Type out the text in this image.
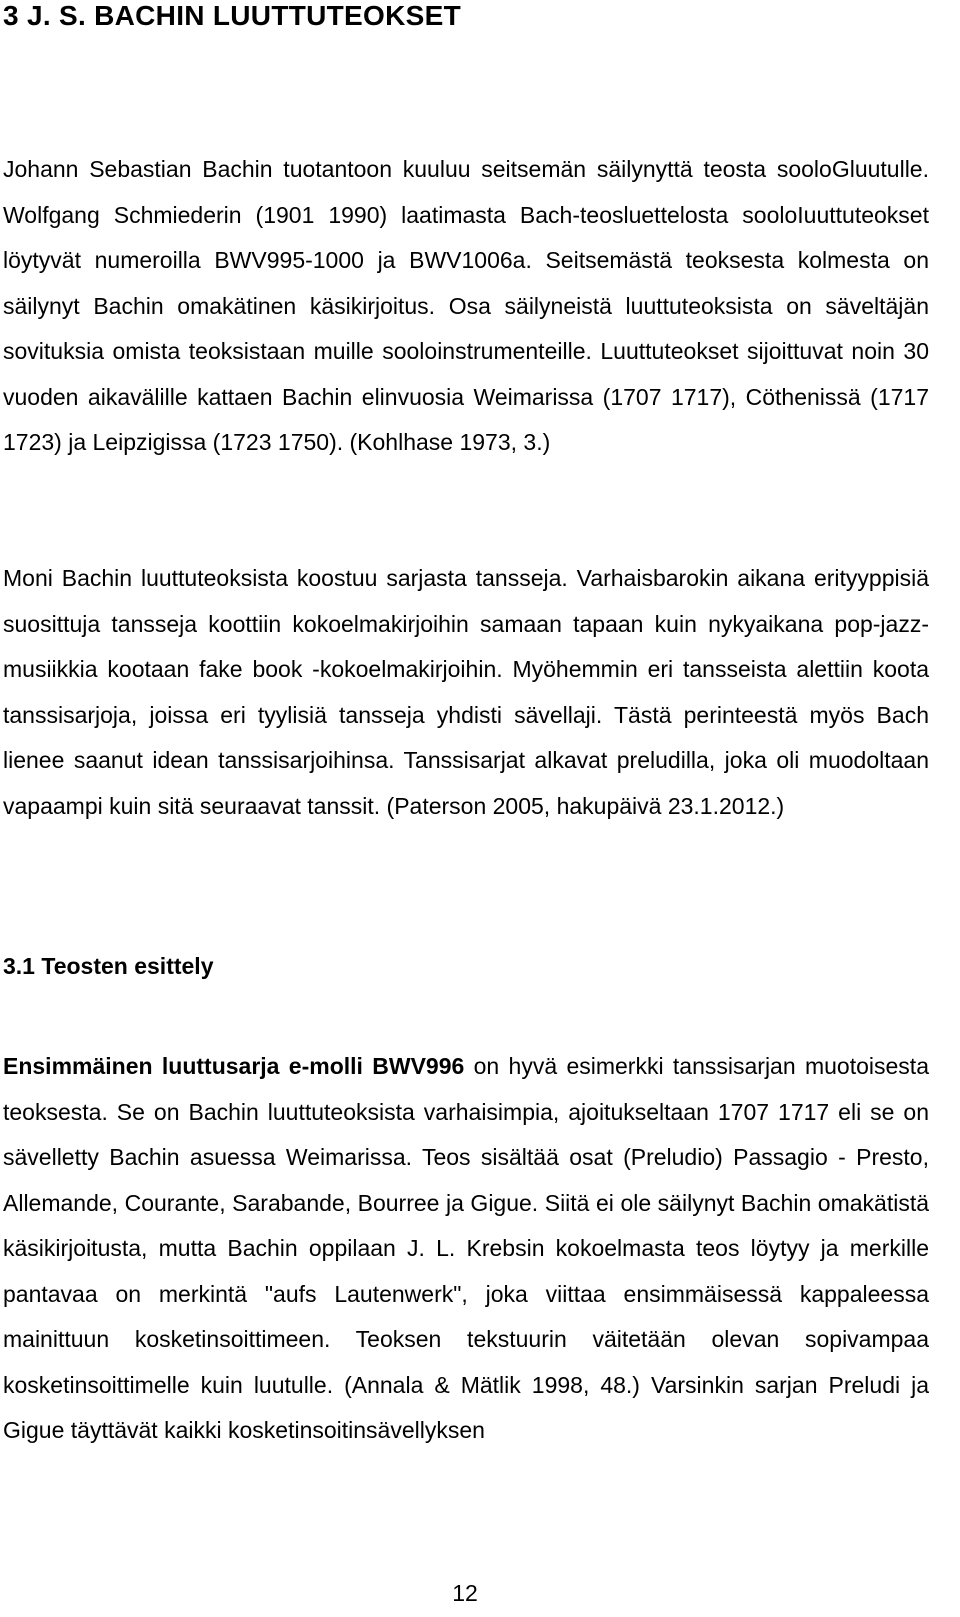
3 J. S. BACHIN LUUTTUTEOKSET

Johann Sebastian Bachin tuotantoon kuuluu seitsemän säilynyttä teosta sooloGluutulle. Wolfgang Schmiederin (1901 1990) laatimasta Bach-teosluettelosta sooloIuuttuteokset löytyvät numeroilla BWV995-1000 ja BWV1006a. Seitsemästä teoksesta kolmesta on säilynyt Bachin omakätinen käsikirjoitus. Osa säilyneistä luuttuteoksista on säveltäjän sovituksia omista teoksistaan muille sooloinstrumenteille. Luuttuteokset sijoittuvat noin 30 vuoden aikavälille kattaen Bachin elinvuosia Weimarissa (1707 1717), Cöthenissä (1717 1723) ja Leipzigissa (1723 1750). (Kohlhase 1973, 3.)

Moni Bachin luuttuteoksista koostuu sarjasta tansseja. Varhaisbarokin aikana erityyppisiä suosittuja tansseja koottiin kokoelmakirjoihin samaan tapaan kuin nykyaikana pop-jazz-musiikkia kootaan fake book -kokoelmakirjoihin. Myöhemmin eri tansseista alettiin koota tanssisarjoja, joissa eri tyylisiä tansseja yhdisti sävellaji. Tästä perinteestä myös Bach lienee saanut idean tanssisarjoihinsa. Tanssisarjat alkavat preludilla, joka oli muodoltaan vapaampi kuin sitä seuraavat tanssit. (Paterson 2005, hakupäivä 23.1.2012.)

3.1 Teosten esittely

Ensimmäinen luuttusarja e-molli BWV996 on hyvä esimerkki tanssisarjan muotoisesta teoksesta. Se on Bachin luuttuteoksista varhaisimpia, ajoitukseltaan 1707 1717 eli se on sävelletty Bachin asuessa Weimarissa. Teos sisältää osat (Preludio) Passagio - Presto, Allemande, Courante, Sarabande, Bourree ja Gigue. Siitä ei ole säilynyt Bachin omakätistä käsikirjoitusta, mutta Bachin oppilaan J. L. Krebsin kokoelmasta teos löytyy ja merkille pantavaa on merkintä "aufs Lautenwerk", joka viittaa ensimmäisessä kappaleessa mainittuun kosketinsoittimeen. Teoksen tekstuurin väitetään olevan sopivampaa kosketinsoittimelle kuin luutulle. (Annala & Mätlik 1998, 48.) Varsinkin sarjan Preludi ja Gigue täyttävät kaikki kosketinsoitinsävellyksen

12
